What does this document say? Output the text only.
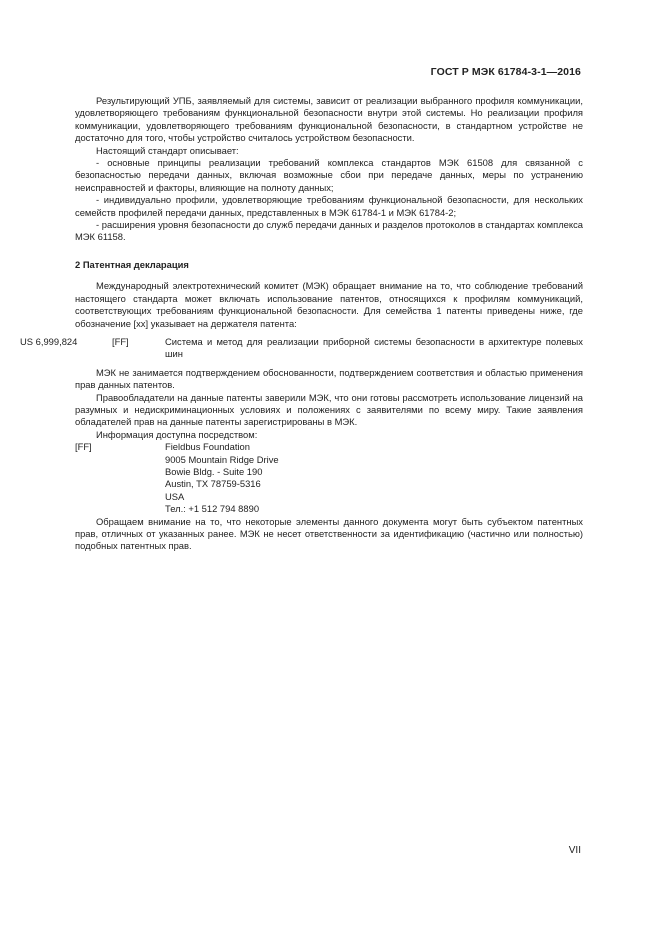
ГОСТ Р МЭК 61784-3-1—2016

Результирующий УПБ, заявляемый для системы, зависит от реализации выбранного профиля коммуникации, удовлетворяющего требованиям функциональной безопасности внутри этой системы. Но реализации профиля коммуникации, удовлетворяющего требованиям функциональной безопасности, в стандартном устройстве не достаточно для того, чтобы устройство считалось устройством безопасности.

Настоящий стандарт описывает:

- основные принципы реализации требований комплекса стандартов МЭК 61508 для связанной с безопасностью передачи данных, включая возможные сбои при передаче данных, меры по устранению неисправностей и факторы, влияющие на полноту данных;

- индивидуально профили, удовлетворяющие требованиям функциональной безопасности, для нескольких семейств профилей передачи данных, представленных в МЭК 61784-1 и МЭК 61784-2;

- расширения уровня безопасности до служб передачи данных и разделов протоколов в стандартах комплекса МЭК 61158.

2 Патентная декларация

Международный электротехнический комитет (МЭК) обращает внимание на то, что соблюдение требований настоящего стандарта может включать использование патентов, относящихся к профилям коммуникаций, соответствующих требованиям функциональной безопасности. Для семейства 1 патенты приведены ниже, где обозначение [xx] указывает на держателя патента:

US 6,999,824	[FF]	Система и метод для реализации приборной системы безопасности в архитектуре полевых шин

МЭК не занимается подтверждением обоснованности, подтверждением соответствия и областью применения прав данных патентов.

Правообладатели на данные патенты заверили МЭК, что они готовы рассмотреть использование лицензий на разумных и недискриминационных условиях и положениях с заявителями по всему миру. Такие заявления обладателей прав на данные патенты зарегистрированы в МЭК.

Информация доступна посредством:

[FF]	Fieldbus Foundation
9005 Mountain Ridge Drive
Bowie Bldg. - Suite 190
Austin, TX 78759-5316
USA
Тел.: +1 512 794 8890

Обращаем внимание на то, что некоторые элементы данного документа могут быть субъектом патентных прав, отличных от указанных ранее. МЭК не несет ответственности за идентификацию (частично или полностью) подобных патентных прав.

VII
